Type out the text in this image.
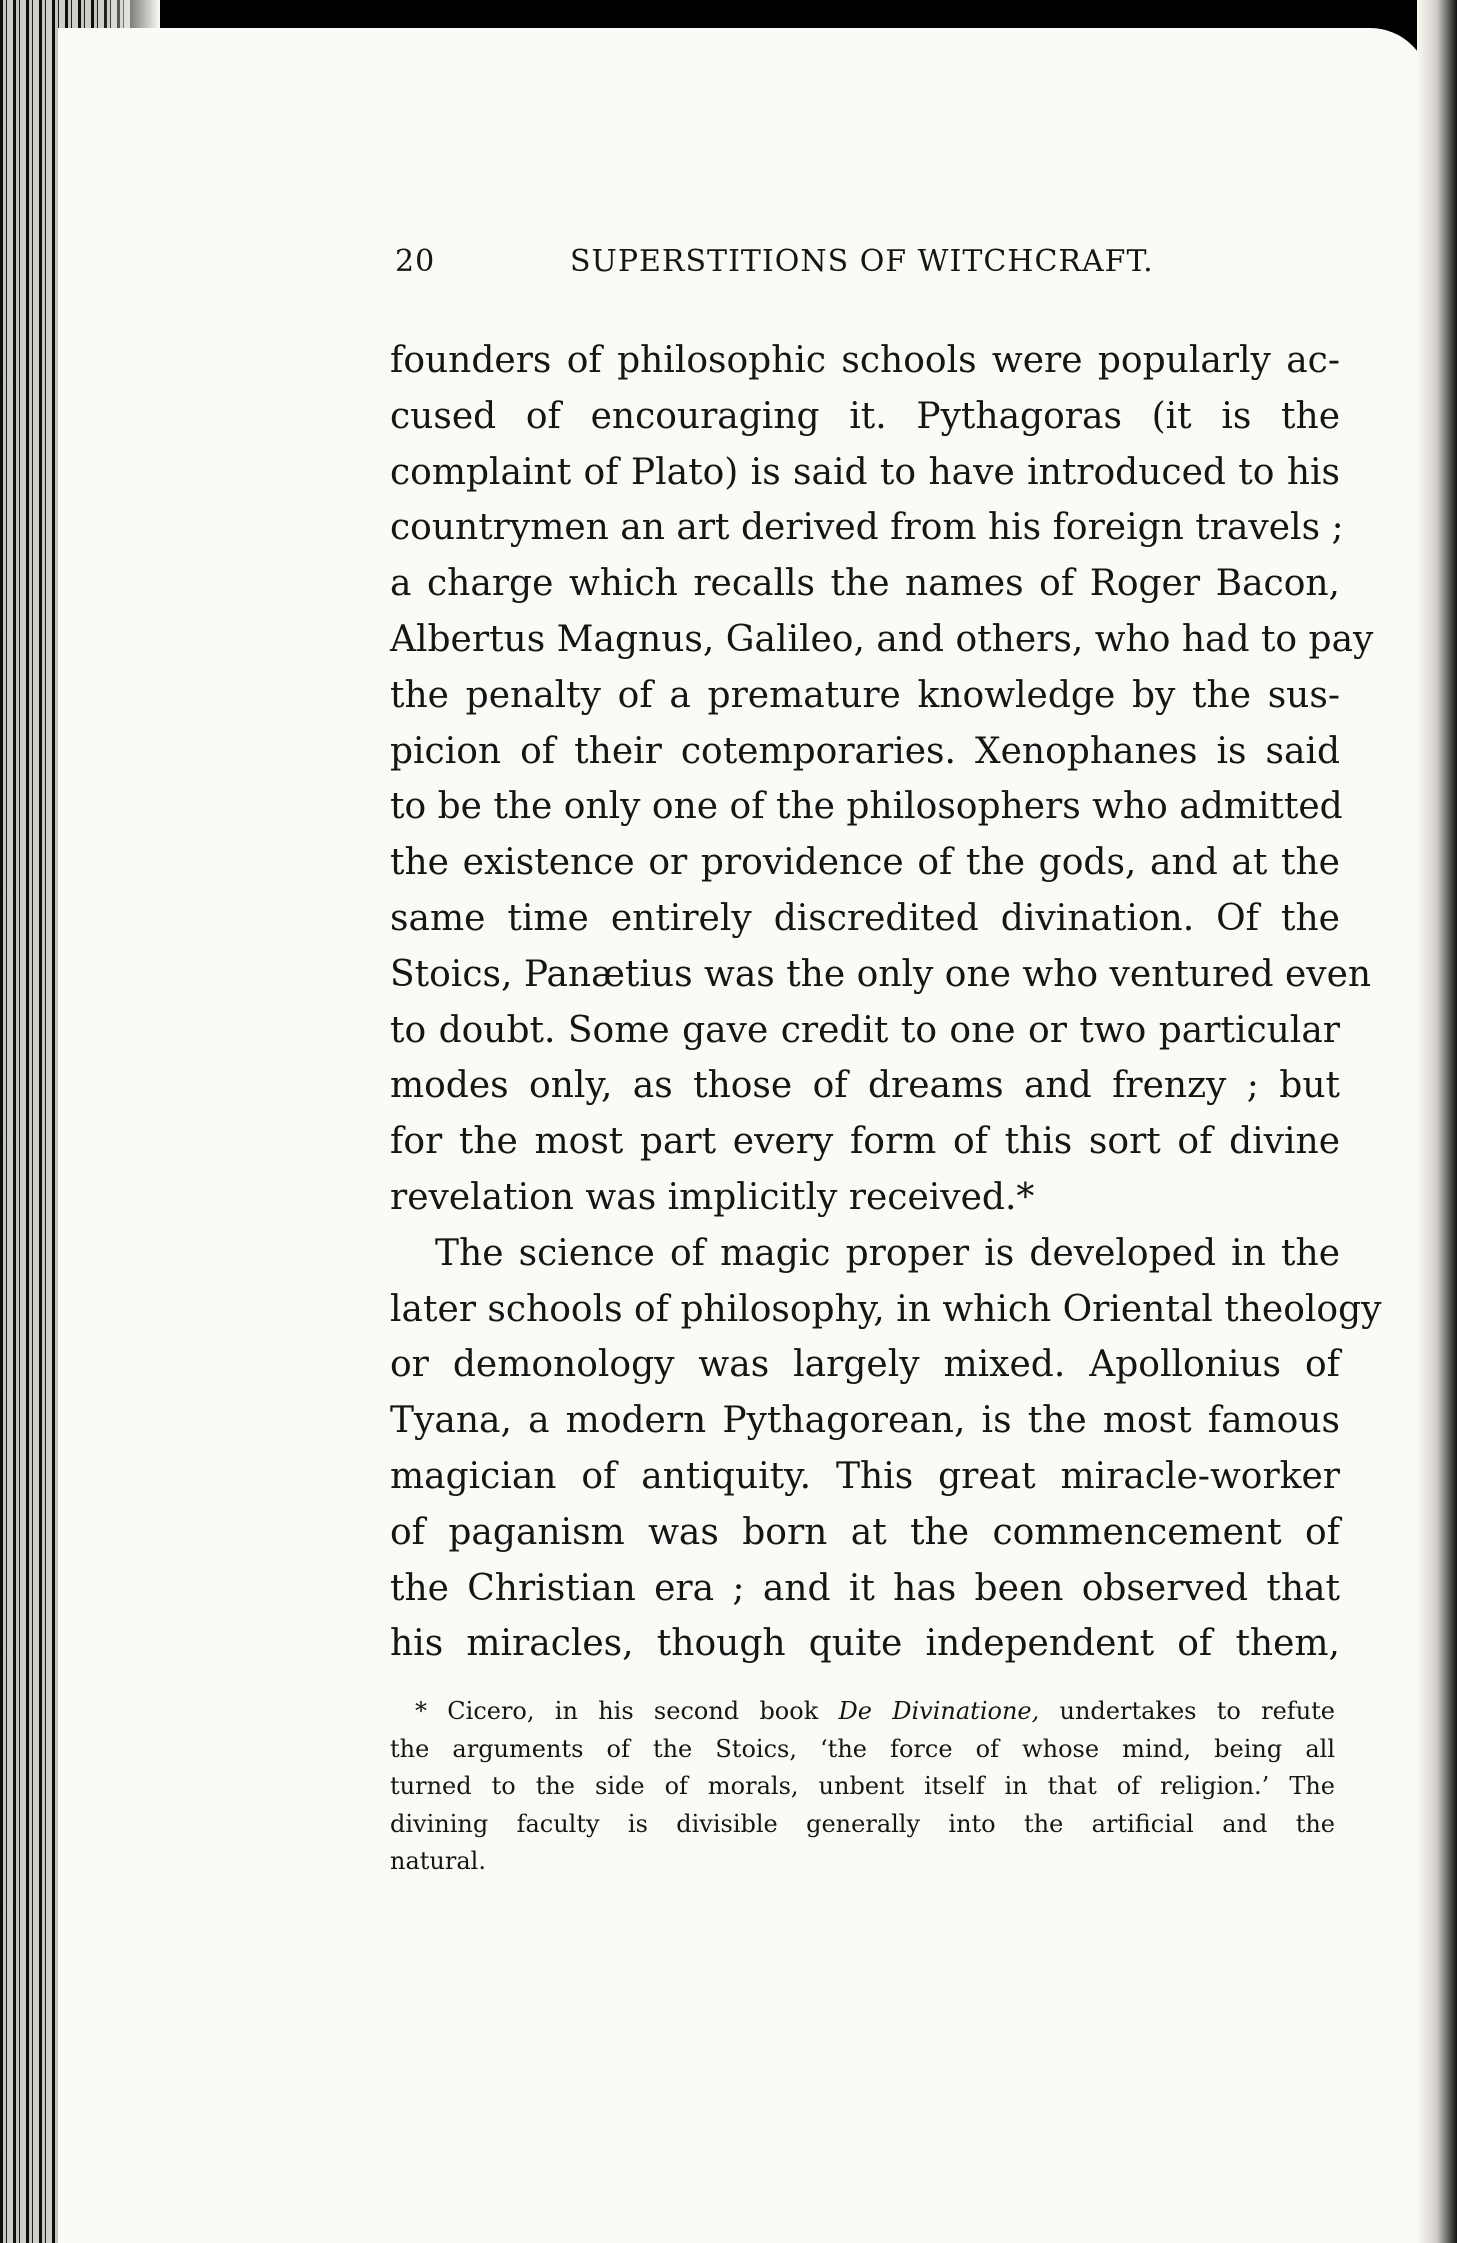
20	SUPERSTITIONS OF WITCHCRAFT.
founders of philosophic schools were popularly ac-
cused of encouraging it. Pythagoras (it is the
complaint of Plato) is said to have introduced to his
countrymen an art derived from his foreign travels ;
a charge which recalls the names of Roger Bacon,
Albertus Magnus, Galileo, and others, who had to pay
the penalty of a premature knowledge by the sus-
picion of their cotemporaries. Xenophanes is said
to be the only one of the philosophers who admitted
the existence or providence of the gods, and at the
same time entirely discredited divination. Of the
Stoics, Panætius was the only one who ventured even
to doubt. Some gave credit to one or two particular
modes only, as those of dreams and frenzy ; but
for the most part every form of this sort of divine
revelation was implicitly received.*
The science of magic proper is developed in the
later schools of philosophy, in which Oriental theology
or demonology was largely mixed. Apollonius of
Tyana, a modern Pythagorean, is the most famous
magician of antiquity. This great miracle-worker
of paganism was born at the commencement of
the Christian era ; and it has been observed that
his miracles, though quite independent of them,
* Cicero, in his second book De Divinatione, undertakes to refute
the arguments of the Stoics, ‘the force of whose mind, being all
turned to the side of morals, unbent itself in that of religion.’ The
divining faculty is divisible generally into the artificial and the
natural.
